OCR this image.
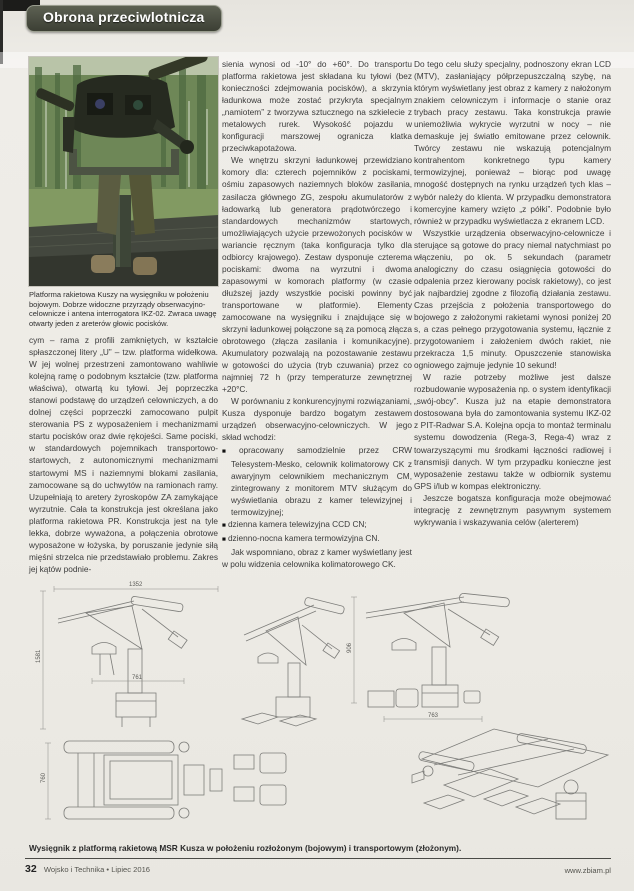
Obrona przeciwlotnicza
Platforma rakietowa Kuszy na wysięgniku w położeniu bojowym. Dobrze widoczne przyrządy obserwacyjno-celownicze i antena interrogatora IKZ-02. Zwraca uwagę otwarty jeden z areterów głowic pocisków.

cym – rama z profili zamkniętych, w kształcie spłaszczonej litery „U” – tzw. platforma widełkowa. W jej wolnej przestrzeni zamontowano wahliwie kolejną ramę o podobnym kształcie (tzw. platforma właściwa), otwartą ku tyłowi. Jej poprzeczka stanowi podstawę do urządzeń celowniczych, a do dolnej części poprzeczki zamocowano pulpit sterowania PS z wyposażeniem i mechanizmami startu pocisków oraz dwie rękojeści. Same pociski, w standardowych pojemnikach transportowo-startowych, z autonomicznymi mechanizmami startowymi MS i naziemnymi blokami zasilania, zamocowane są do uchwytów na ramionach ramy. Uzupełniają to aretery żyroskopów ZA zamykające wyrzutnie. Cała ta konstrukcja jest określana jako platforma rakietowa PR. Konstrukcja jest na tyle lekka, dobrze wyważona, a połączenia obrotowe wyposażone w łożyska, by poruszanie jedynie siłą mięśni strzelca nie przedstawiało problemu. Zakres jej kątów podnie-

sienia wynosi od -10° do +60°. Do transportu platforma rakietowa jest składana ku tyłowi (bez konieczności zdejmowania pocisków), a skrzynia ładunkowa może zostać przykryta specjalnym „namiotem” z tworzywa sztucznego na szkielecie z metalowych rurek. Wysokość pojazdu w konfiguracji marszowej ogranicza klatka przeciwkapotażowa.

We wnętrzu skrzyni ładunkowej przewidziano komory dla: czterech pojemników z pociskami, ośmiu zapasowych naziemnych bloków zasilania, zasilacza głównego ZG, zespołu akumulatorów z ładowarką lub generatora prądotwórczego i standardowych mechanizmów startowych, umożliwiających użycie przewożonych pocisków w wariancie ręcznym (taka konfiguracja tylko dla odbiorcy krajowego). Zestaw dysponuje czterema pociskami: dwoma na wyrzutni i dwoma zapasowymi w komorach platformy (w czasie dłuższej jazdy wszystkie pociski powinny być transportowane w platformie). Elementy zamocowane na wysięgniku i znajdujące się w skrzyni ładunkowej połączone są za pomocą złącza obrotowego (złącza zasilania i komunikacyjne). Akumulatory pozwalają na pozostawanie zestawu w gotowości do użycia (tryb czuwania) przez co najmniej 72 h (przy temperaturze zewnętrznej +20°C.

W porównaniu z konkurencyjnymi rozwiązaniami, Kusza dysponuje bardzo bogatym zestawem urządzeń obserwacyjno-celowniczych. W jego skład wchodzi:

■ opracowany samodzielnie przez CRW Telesystem-Mesko, celownik kolimatorowy CK z awaryjnym celownikiem mechanicznym CM, zintegrowany z monitorem MTV służącym do wyświetlania obrazu z kamer telewizyjnej i termowizyjnej;

■ dzienna kamera telewizyjna CCD CN;

■ dzienno-nocna kamera termowizyjna CN.

Jak wspomniano, obraz z kamer wyświetlany jest w polu widzenia celownika kolimatorowego CK.

Do tego celu służy specjalny, podnoszony ekran LCD (MTV), zasłaniający półprzepuszczalną szybę, na którym wyświetlany jest obraz z kamery z nałożonym znakiem celowniczym i informacje o stanie oraz trybach pracy zestawu. Taka konstrukcja prawie uniemożliwia wykrycie wyrzutni w nocy – nie demaskuje jej światło emitowane przez celownik. Twórcy zestawu nie wskazują potencjalnym kontrahentom konkretnego typu kamery termowizyjnej, ponieważ – biorąc pod uwagę mnogość dostępnych na rynku urządzeń tych klas – wybór należy do klienta. W przypadku demonstratora komercyjne kamery wzięto „z półki”. Podobnie było również w przypadku wyświetlacza z ekranem LCD.

Wszystkie urządzenia obserwacyjno-celownicze i sterujące są gotowe do pracy niemal natychmiast po włączeniu, po ok. 5 sekundach (parametr analogiczny do czasu osiągnięcia gotowości do odpalenia przez kierowany pocisk rakietowy), co jest jak najbardziej zgodne z filozofią działania zestawu. Czas przejścia z położenia transportowego do bojowego z założonymi rakietami wynosi poniżej 20 s, a czas pełnego przygotowania systemu, łącznie z przygotowaniem i założeniem dwóch rakiet, nie przekracza 1,5 minuty. Opuszczenie stanowiska ogniowego zajmuje jedynie 10 sekund!

W razie potrzeby możliwe jest dalsze rozbudowanie wyposażenia np. o system identyfikacji „swój-obcy”. Kusza już na etapie demonstratora dostosowana była do zamontowania systemu IKZ-02 z PIT-Radwar S.A. Kolejna opcja to montaż terminalu systemu dowodzenia (Rega-3, Rega-4) wraz z towarzyszącymi mu środkami łączności radiowej i transmisji danych. W tym przypadku konieczne jest wyposażenie zestawu także w odbiornik systemu GPS i/lub w kompas elektroniczny.

Jeszcze bogatsza konfiguracja może obejmować integrację z zewnętrznym pasywnym systemem wykrywania i wskazywania celów (alerterem)

1352
1581
761
906
763
760
Wysięgnik z platformą rakietową MSR Kusza w położeniu rozłożonym (bojowym) i transportowym (złożonym).
32 Wojsko i Technika • Lipiec 2016	www.zbiam.pl
